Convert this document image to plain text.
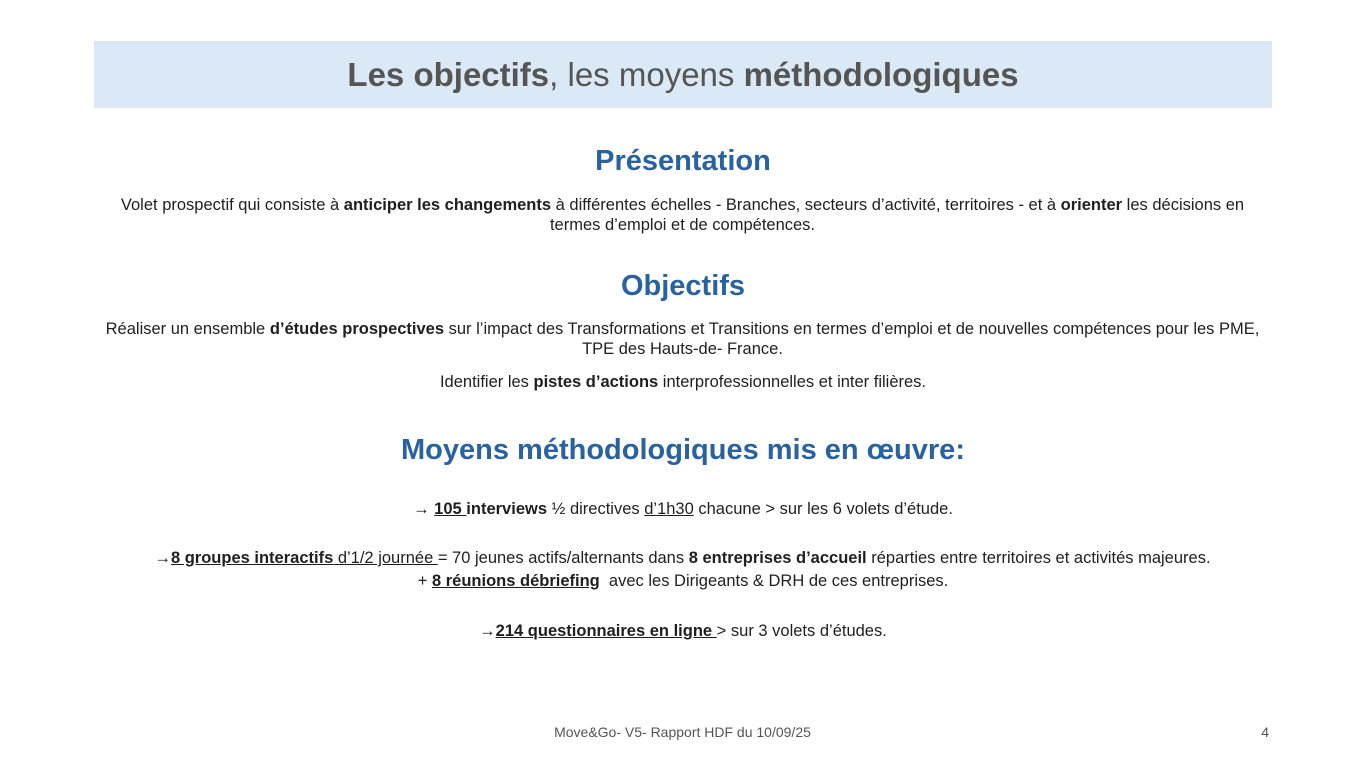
Les objectifs , les moyens méthodologiques
Présentation

Volet prospectif qui consiste à anticiper les changements à différentes échelles - Branches, secteurs d’activité, territoires - et à orienter les décisions en termes d’emploi et de compétences.

Objectifs

Réaliser un ensemble d’études prospectives sur l’impact des Transformations et Transitions en termes d’emploi et de nouvelles compétences pour les PME, TPE des Hauts-de- France.

Identifier les pistes d’actions interprofessionnelles et inter filières.

Moyens méthodologiques mis en œuvre:

→ 105 interviews ½ directives d’1h30 chacune > sur les 6 volets d’étude.

→8 groupes interactifs d’1/2 journée = 70 jeunes actifs/alternants dans 8 entreprises d’accueil réparties entre territoires et activités majeures.

+ 8 réunions débriefing  avec les Dirigeants & DRH de ces entreprises.

→214 questionnaires en ligne > sur 3 volets d’études.

Move&Go- V5- Rapport HDF du 10/09/25	4
